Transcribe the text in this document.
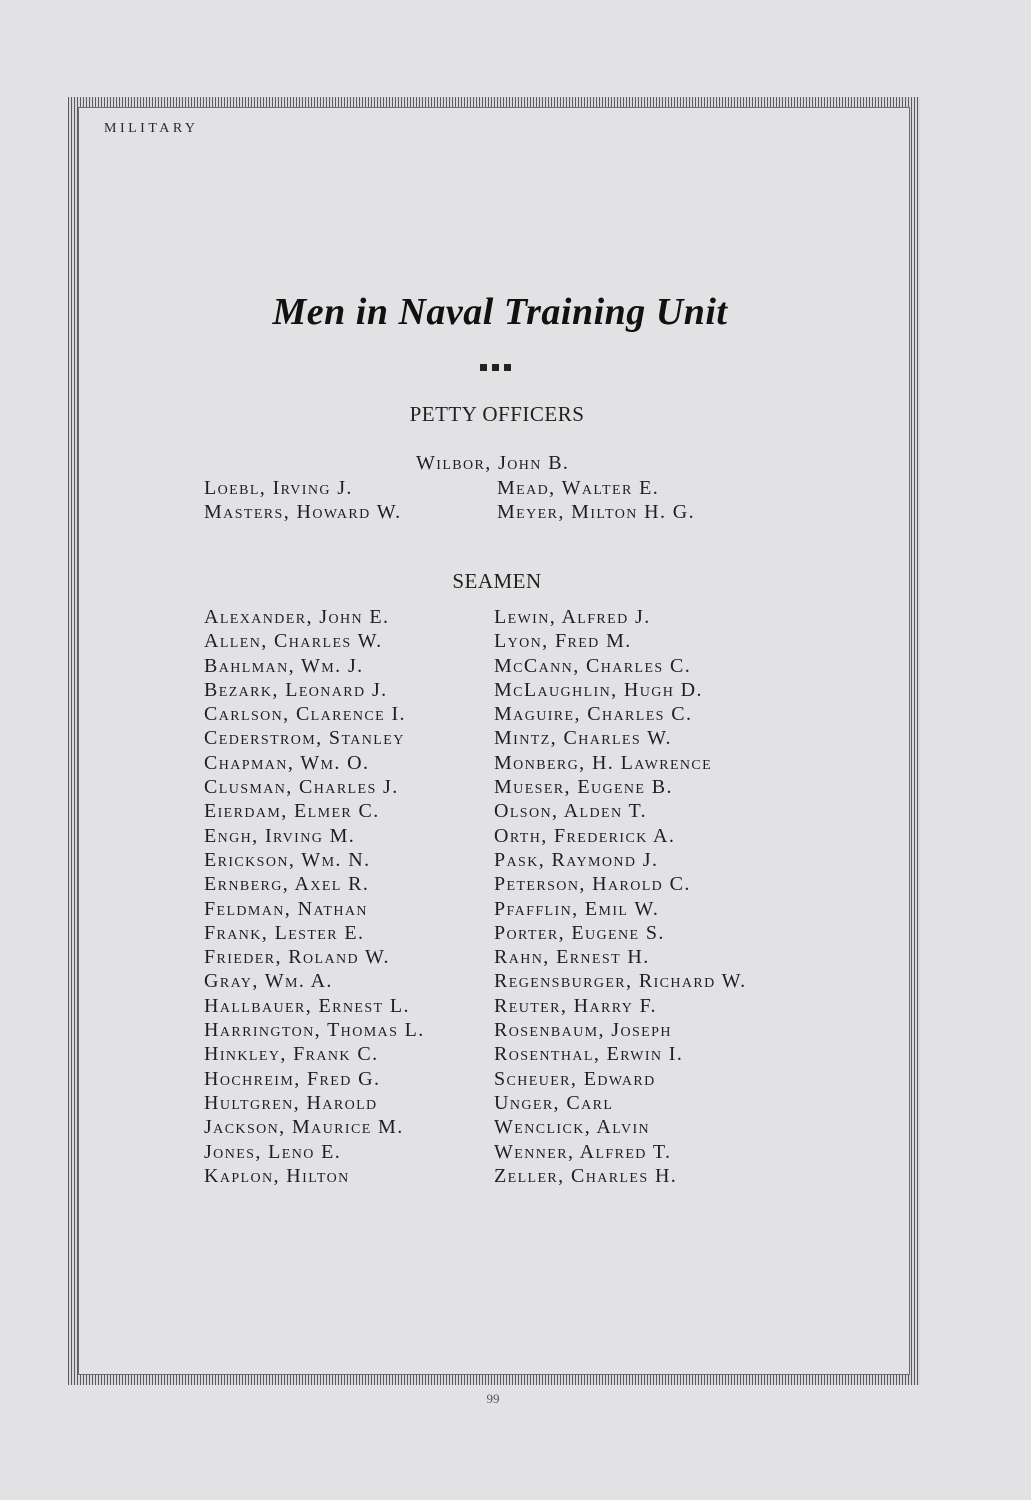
MILITARY
Men in Naval Training Unit
PETTY OFFICERS
Wilbor, John B.
Loebl, Irving J.
Masters, Howard W.
Mead, Walter E.
Meyer, Milton H. G.
SEAMEN
Alexander, John E.
Allen, Charles W.
Bahlman, Wm. J.
Bezark, Leonard J.
Carlson, Clarence I.
Cederstrom, Stanley
Chapman, Wm. O.
Clusman, Charles J.
Eierdam, Elmer C.
Engh, Irving M.
Erickson, Wm. N.
Ernberg, Axel R.
Feldman, Nathan
Frank, Lester E.
Frieder, Roland W.
Gray, Wm. A.
Hallbauer, Ernest L.
Harrington, Thomas L.
Hinkley, Frank C.
Hochreim, Fred G.
Hultgren, Harold
Jackson, Maurice M.
Jones, Leno E.
Kaplon, Hilton
Lewin, Alfred J.
Lyon, Fred M.
McCann, Charles C.
McLaughlin, Hugh D.
Maguire, Charles C.
Mintz, Charles W.
Monberg, H. Lawrence
Mueser, Eugene B.
Olson, Alden T.
Orth, Frederick A.
Pask, Raymond J.
Peterson, Harold C.
Pfafflin, Emil W.
Porter, Eugene S.
Rahn, Ernest H.
Regensburger, Richard W.
Reuter, Harry F.
Rosenbaum, Joseph
Rosenthal, Erwin I.
Scheuer, Edward
Unger, Carl
Wenclick, Alvin
Wenner, Alfred T.
Zeller, Charles H.
99
